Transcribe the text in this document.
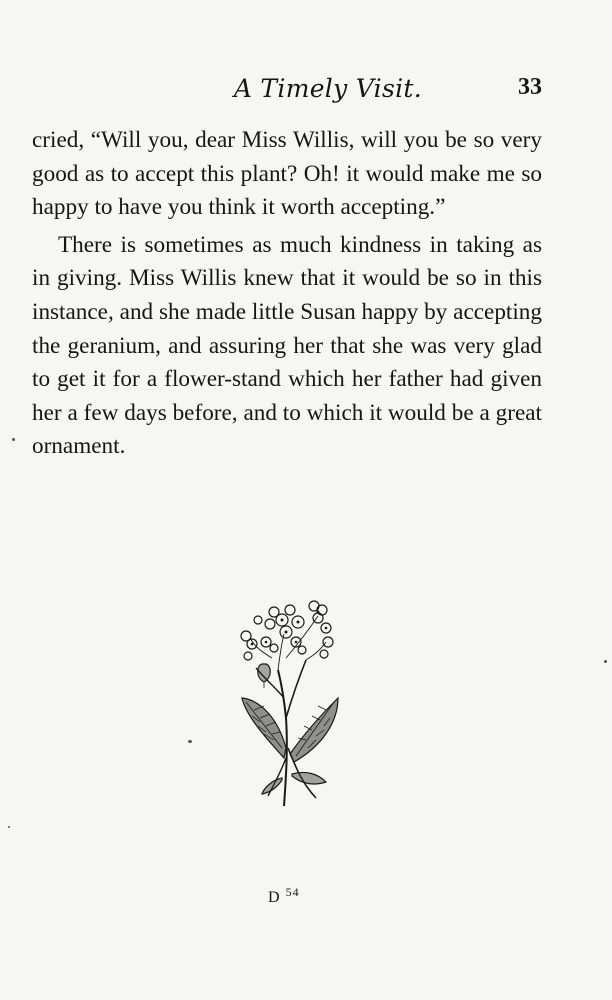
A Timely Visit.	33

cried, “Will you, dear Miss Willis, will you be so very good as to accept this plant? Oh! it would make me so happy to have you think it worth accepting.”

There is sometimes as much kindness in taking as in giving. Miss Willis knew that it would be so in this instance, and she made little Susan happy by accepting the geranium, and assuring her that she was very glad to get it for a flower-stand which her father had given her a few days before, and to which it would be a great ornament.

D $^{54}$
